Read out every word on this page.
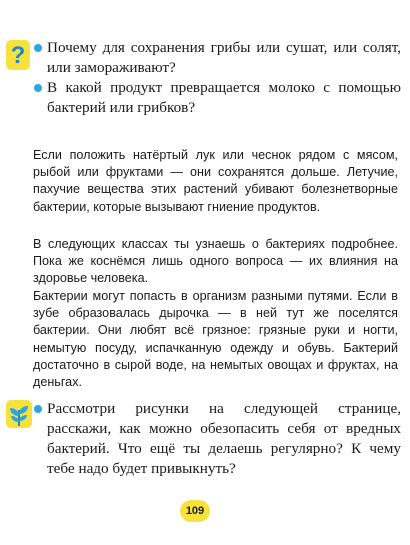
?	Почему для сохранения грибы или сушат, или солят, или замораживают?
В какой продукт превращается молоко с помощью бактерий или грибков?

Если положить натёртый лук или чеснок рядом с мясом, рыбой или фруктами — они сохранятся дольше. Летучие, пахучие вещества этих растений убивают болезнетворные бактерии, которые вызывают гниение продуктов.

В следующих классах ты узнаешь о бактериях подробнее. Пока же коснёмся лишь одного вопроса — их влияния на здоровье человека.

Бактерии могут попасть в организм разными путями. Если в зубе образовалась дырочка — в ней тут же поселятся бактерии. Они любят всё грязное: грязные руки и ногти, немытую посуду, испачканную одежду и обувь. Бактерий достаточно в сырой воде, на немытых овощах и фруктах, на деньгах.

Рассмотри рисунки на следующей странице, расскажи, как можно обезопасить себя от вредных бактерий. Что ещё ты делаешь регулярно? К чему тебе надо будет привыкнуть?
109
